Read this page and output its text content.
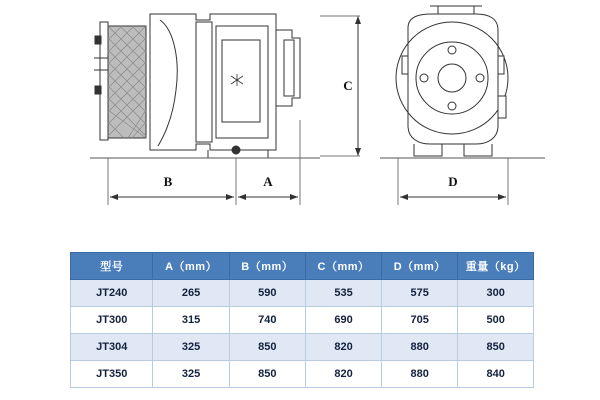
B	A
C
D
型号	A（mm）	B（mm）	C（mm）	D（mm）	重量（kg）
JT240	265	590	535	575	300
JT300	315	740	690	705	500
JT304	325	850	820	880	850
JT350	325	850	820	880	840
